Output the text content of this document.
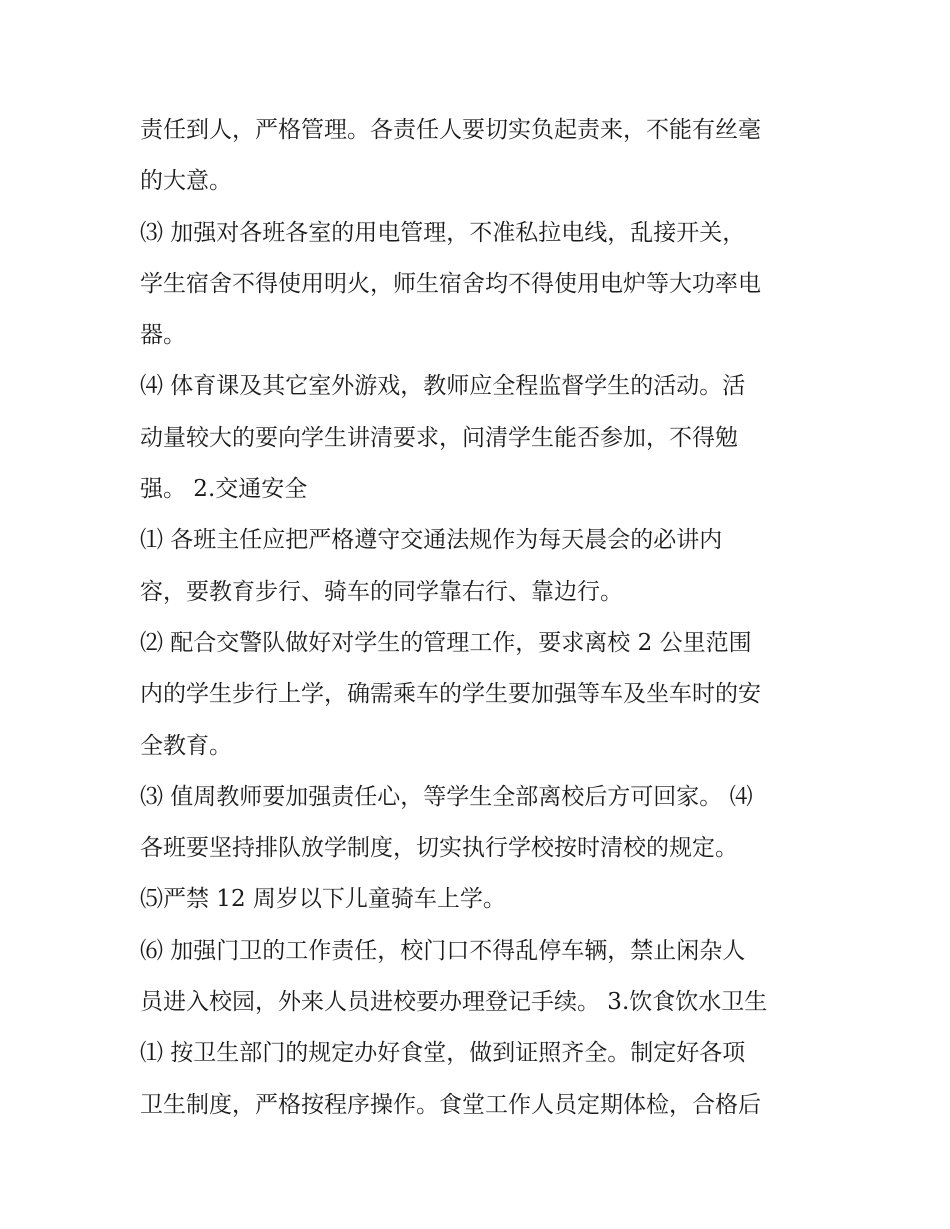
责任到人，严格管理。各责任人要切实负起责来，不能有丝毫
的大意。
⑶ 加强对各班各室的用电管理，不准私拉电线，乱接开关，
学生宿舍不得使用明火，师生宿舍均不得使用电炉等大功率电
器。
⑷ 体育课及其它室外游戏，教师应全程监督学生的活动。活
动量较大的要向学生讲清要求，问清学生能否参加，不得勉
强。 2.交通安全
⑴ 各班主任应把严格遵守交通法规作为每天晨会的必讲内
容，要教育步行、骑车的同学靠右行、靠边行。
⑵ 配合交警队做好对学生的管理工作，要求离校 2 公里范围
内的学生步行上学，确需乘车的学生要加强等车及坐车时的安
全教育。
⑶ 值周教师要加强责任心，等学生全部离校后方可回家。 ⑷
各班要坚持排队放学制度，切实执行学校按时清校的规定。
⑸严禁 12 周岁以下儿童骑车上学。
⑹ 加强门卫的工作责任，校门口不得乱停车辆，禁止闲杂人
员进入校园，外来人员进校要办理登记手续。 3.饮食饮水卫生
⑴ 按卫生部门的规定办好食堂，做到证照齐全。制定好各项
卫生制度，严格按程序操作。食堂工作人员定期体检，合格后
